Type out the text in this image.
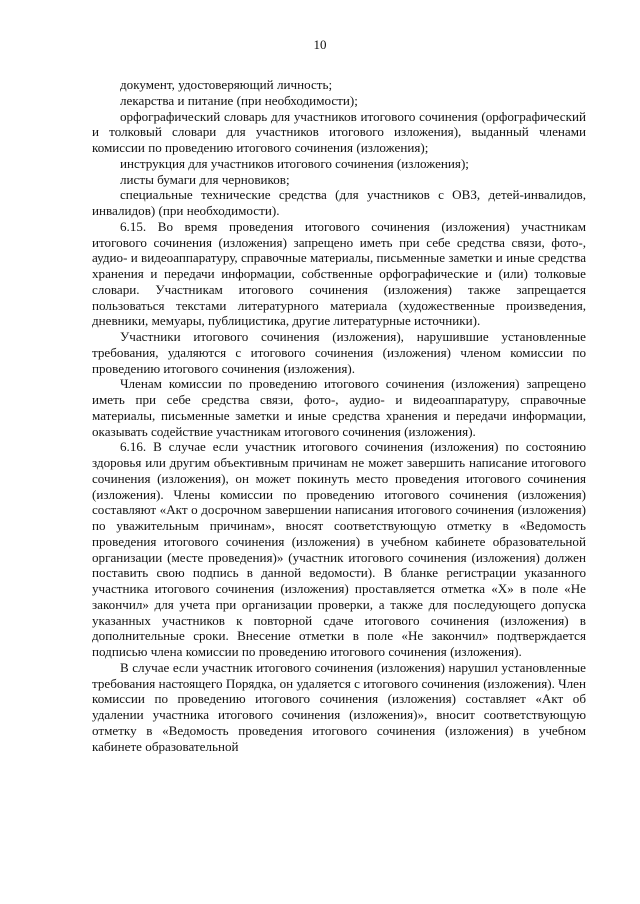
10

документ, удостоверяющий личность;

лекарства и питание (при необходимости);

орфографический словарь для участников итогового сочинения (орфографический и толковый словари для участников итогового изложения), выданный членами комиссии по проведению итогового сочинения (изложения);

инструкция для участников итогового сочинения (изложения);

листы бумаги для черновиков;

специальные технические средства (для участников с ОВЗ, детей-инвалидов, инвалидов) (при необходимости).

6.15. Во время проведения итогового сочинения (изложения) участникам итогового сочинения (изложения) запрещено иметь при себе средства связи, фото-, аудио- и видеоаппаратуру, справочные материалы, письменные заметки и иные средства хранения и передачи информации, собственные орфографические и (или) толковые словари. Участникам итогового сочинения (изложения) также запрещается пользоваться текстами литературного материала (художественные произведения, дневники, мемуары, публицистика, другие литературные источники).

Участники итогового сочинения (изложения), нарушившие установленные требования, удаляются с итогового сочинения (изложения) членом комиссии по проведению итогового сочинения (изложения).

Членам комиссии по проведению итогового сочинения (изложения) запрещено иметь при себе средства связи, фото-, аудио- и видеоаппаратуру, справочные материалы, письменные заметки и иные средства хранения и передачи информации, оказывать содействие участникам итогового сочинения (изложения).

6.16. В случае если участник итогового сочинения (изложения) по состоянию здоровья или другим объективным причинам не может завершить написание итогового сочинения (изложения), он может покинуть место проведения итогового сочинения (изложения). Члены комиссии по проведению итогового сочинения (изложения) составляют «Акт о досрочном завершении написания итогового сочинения (изложения) по уважительным причинам», вносят соответствующую отметку в «Ведомость проведения итогового сочинения (изложения) в учебном кабинете образовательной организации (месте проведения)» (участник итогового сочинения (изложения) должен поставить свою подпись в данной ведомости). В бланке регистрации указанного участника итогового сочинения (изложения) проставляется отметка «Х» в поле «Не закончил» для учета при организации проверки, а также для последующего допуска указанных участников к повторной сдаче итогового сочинения (изложения) в дополнительные сроки. Внесение отметки в поле «Не закончил» подтверждается подписью члена комиссии по проведению итогового сочинения (изложения).

В случае если участник итогового сочинения (изложения) нарушил установленные требования настоящего Порядка, он удаляется с итогового сочинения (изложения). Член комиссии по проведению итогового сочинения (изложения) составляет «Акт об удалении участника итогового сочинения (изложения)», вносит соответствующую отметку в «Ведомость проведения итогового сочинения (изложения) в учебном кабинете образовательной
